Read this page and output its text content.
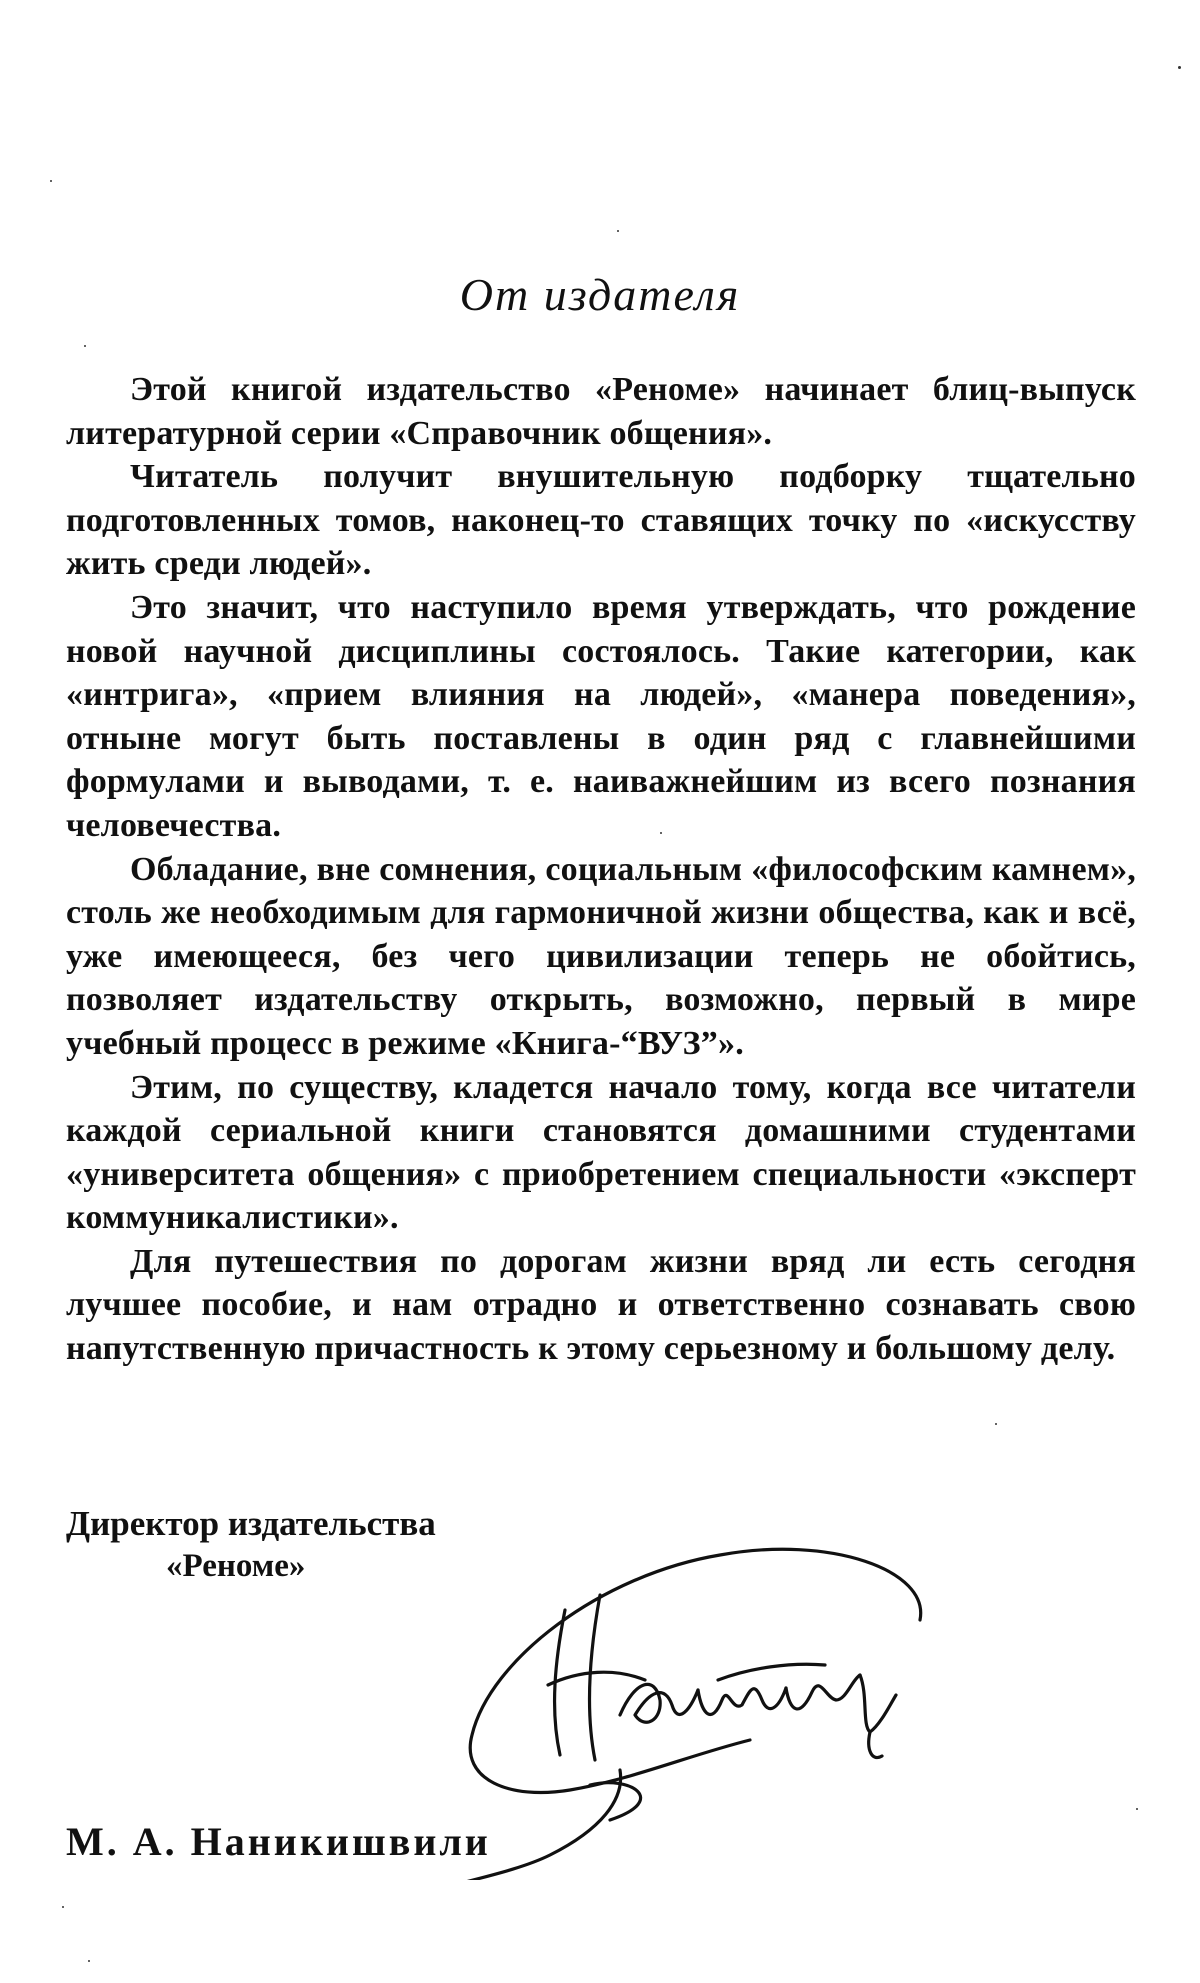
От издателя

Этой книгой издательство «Реноме» начинает блиц-выпуск литературной серии «Справочник общения».

Читатель получит внушительную подборку тщательно подготовленных томов, наконец-то ставящих точку по «искусству жить среди людей».

Это значит, что наступило время утверждать, что рождение новой научной дисциплины состоялось. Такие категории, как «интрига», «прием влияния на людей», «манера поведения», отныне могут быть поставлены в один ряд с главнейшими формулами и выводами, т. е. наиважнейшим из всего познания человечества.

Обладание, вне сомнения, социальным «философским камнем», столь же необходимым для гармоничной жизни общества, как и всё, уже имеющееся, без чего цивилизации теперь не обойтись, позволяет издательству открыть, возможно, первый в мире учебный процесс в режиме «Книга-“ВУЗ”».

Этим, по существу, кладется начало тому, когда все читатели каждой сериальной книги становятся домашними студентами «университета общения» с приобретением специальности «эксперт коммуникалистики».

Для путешествия по дорогам жизни вряд ли есть сегодня лучшее пособие, и нам отрадно и ответственно сознавать свою напутственную причастность к этому серьезному и большому делу.

Директор издательства

«Реноме»

М. А. Наникишвили
